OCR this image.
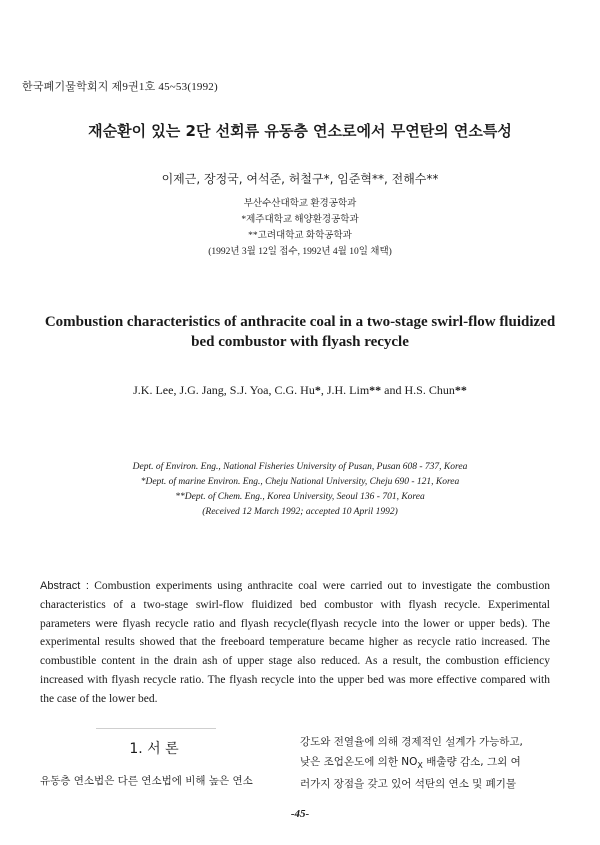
한국폐기물학회지 제9권1호 45~53(1992)
재순환이 있는 2단 선회류 유동층 연소로에서 무연탄의 연소특성
이제근, 장정국, 여석준, 허철구*, 임준혁**, 전해수**
부산수산대학교 환경공학과
*제주대학교 해양환경공학과
**고려대학교 화학공학과
(1992년 3월 12일 접수, 1992년 4월 10일 채택)
Combustion characteristics of anthracite coal in a two-stage swirl-flow fluidized
bed combustor with flyash recycle
J.K. Lee, J.G. Jang, S.J. Yoa, C.G. Hu*, J.H. Lim** and H.S. Chun**
Dept. of Environ. Eng., National Fisheries University of Pusan, Pusan 608 - 737, Korea
*Dept. of marine Environ. Eng., Cheju National University, Cheju 690 - 121, Korea
**Dept. of Chem. Eng., Korea University, Seoul 136 - 701, Korea
(Received 12 March 1992; accepted 10 April 1992)
Abstract : Combustion experiments using anthracite coal were carried out to investigate the combustion characteristics of a two-stage swirl-flow fluidized bed combustor with flyash recycle. Experimental parameters were flyash recycle ratio and flyash recycle(flyash recycle into the lower or upper beds). The experimental results showed that the freeboard temperature became higher as recycle ratio increased. The combustible content in the drain ash of upper stage also reduced. As a result, the combustion efficiency increased with flyash recycle ratio. The flyash recycle into the upper bed was more effective compared with the case of the lower bed.
1. 서 론
유동층 연소법은 다른 연소법에 비해 높은 연소
강도와 전열율에 의해 경제적인 설계가 가능하고,
낮은 조업온도에 의한 $NO_X$ 배출량 감소, 그외 여
러가지 장점을 갖고 있어 석탄의 연소 및 폐기물
-45-
